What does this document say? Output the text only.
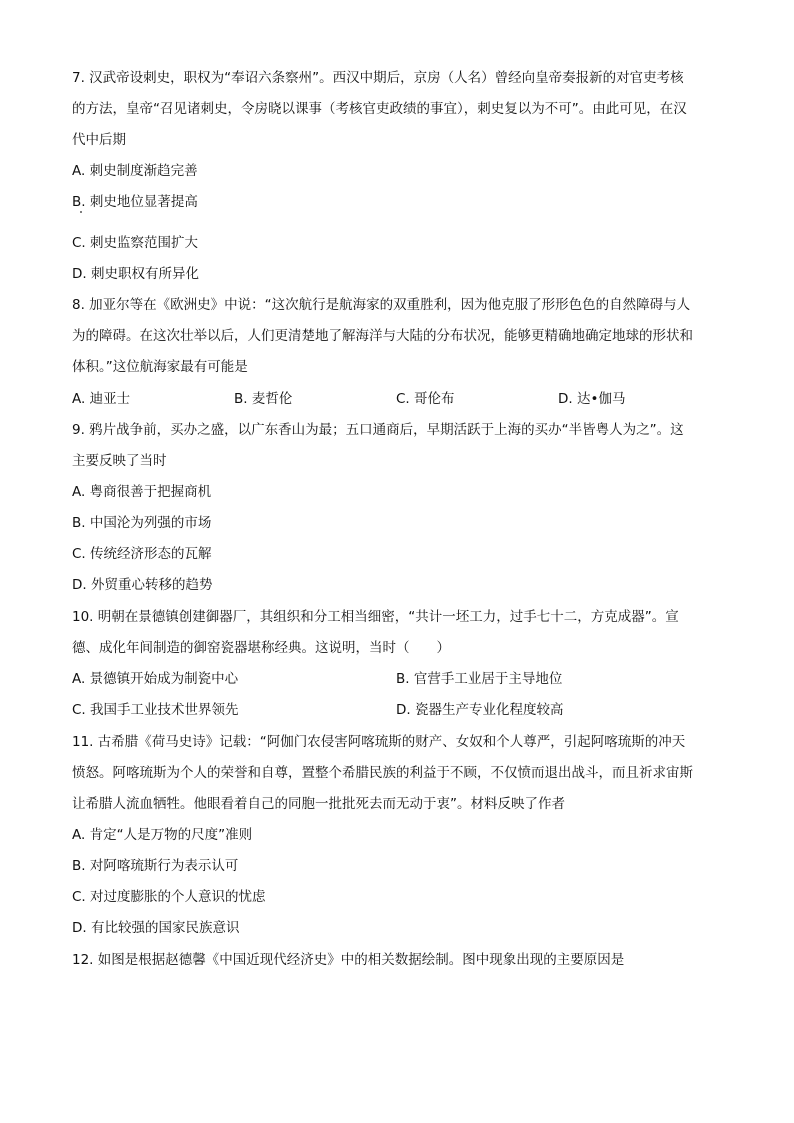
7. 汉武帝设刺史，职权为“奉诏六条察州”。西汉中期后，京房（人名）曾经向皇帝奏报新的对官吏考核
的方法，皇帝“召见诸刺史，令房晓以课事（考核官吏政绩的事宜），刺史复以为不可”。由此可见，在汉
代中后期
A. 刺史制度渐趋完善
B. 刺史地位显著提高
C. 刺史监察范围扩大
D. 刺史职权有所异化
8. 加亚尔等在《欧洲史》中说：“这次航行是航海家的双重胜利，因为他克服了形形色色的自然障碍与人
为的障碍。在这次壮举以后，人们更清楚地了解海洋与大陆的分布状况，能够更精确地确定地球的形状和
体积。”这位航海家最有可能是
A. 迪亚士	B. 麦哲伦	C. 哥伦布	D. 达•伽马
9. 鸦片战争前，买办之盛，以广东香山为最；五口通商后，早期活跃于上海的买办“半皆粤人为之”。这
主要反映了当时
A. 粤商很善于把握商机
B. 中国沦为列强的市场
C. 传统经济形态的瓦解
D. 外贸重心转移的趋势
10. 明朝在景德镇创建御器厂，其组织和分工相当细密，“共计一坯工力，过手七十二，方克成器”。宣
德、成化年间制造的御窑瓷器堪称经典。这说明，当时（　　）
A. 景德镇开始成为制瓷中心	B. 官营手工业居于主导地位
C. 我国手工业技术世界领先	D. 瓷器生产专业化程度较高
11. 古希腊《荷马史诗》记载：“阿伽门农侵害阿喀琉斯的财产、女奴和个人尊严，引起阿喀琉斯的冲天
愤怒。阿喀琉斯为个人的荣誉和自尊，置整个希腊民族的利益于不顾，不仅愤而退出战斗，而且祈求宙斯
让希腊人流血牺牲。他眼看着自己的同胞一批批死去而无动于衷”。材料反映了作者
A. 肯定“人是万物的尺度”准则
B. 对阿喀琉斯行为表示认可
C. 对过度膨胀的个人意识的忧虑
D. 有比较强的国家民族意识
12. 如图是根据赵德馨《中国近现代经济史》中的相关数据绘制。图中现象出现的主要原因是
